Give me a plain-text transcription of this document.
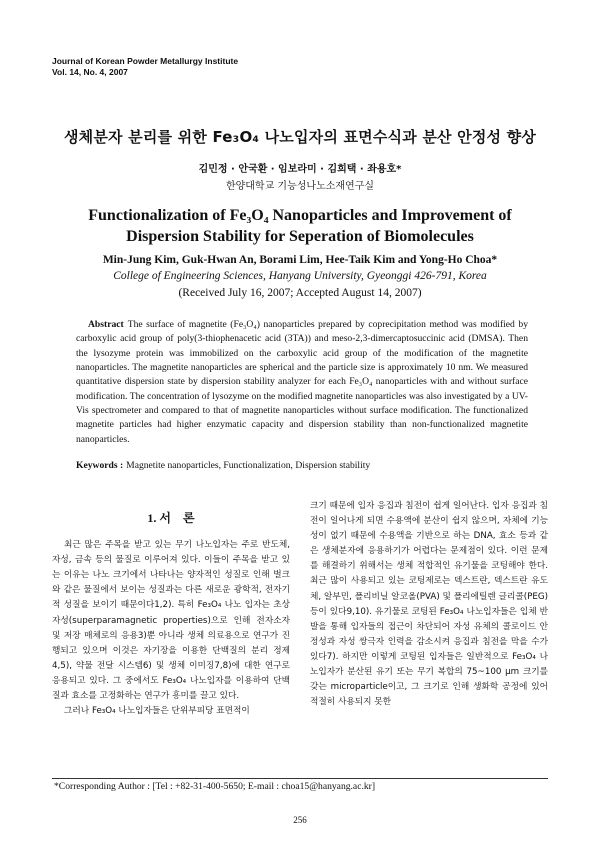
Journal of Korean Powder Metallurgy Institute
Vol. 14, No. 4, 2007
생체분자 분리를 위한 Fe₃O₄ 나노입자의 표면수식과 분산 안정성 향상
김민정 · 안국환 · 임보라미 · 김희택 · 좌용호*
한양대학교 기능성나노소재연구실
Functionalization of Fe₃O₄ Nanoparticles and Improvement of
Dispersion Stability for Seperation of Biomolecules
Min-Jung Kim, Guk-Hwan An, Borami Lim, Hee-Taik Kim and Yong-Ho Choa*
College of Engineering Sciences, Hanyang University, Gyeonggi 426-791, Korea
(Received July 16, 2007; Accepted August 14, 2007)
Abstract The surface of magnetite (Fe₃O₄) nanoparticles prepared by coprecipitation method was modified by carboxylic acid group of poly(3-thiophenacetic acid (3TA)) and meso-2,3-dimercaptosuccinic acid (DMSA). Then the lysozyme protein was immobilized on the carboxylic acid group of the modification of the magnetite nanoparticles. The magnetite nanoparticles are spherical and the particle size is approximately 10 nm. We measured quantitative dispersion state by dispersion stability analyzer for each Fe₃O₄ nanoparticles with and without surface modification. The concentration of lysozyme on the modified magnetite nanoparticles was also investigated by a UV-Vis spectrometer and compared to that of magnetite nanoparticles without surface modification. The functionalized magnetite particles had higher enzymatic capacity and dispersion stability than non-functionalized magnetite nanoparticles.
Keywords : Magnetite nanoparticles, Functionalization, Dispersion stability

1. 서　론

최근 많은 주목을 받고 있는 무기 나노입자는 주로 반도체, 자성, 금속 등의 물질로 이루어져 있다. 이들이 주목을 받고 있는 이유는 나노 크기에서 나타나는 양자적인 성질로 인해 벌크와 같은 물질에서 보이는 성질과는 다른 새로운 광학적, 전자기적 성질을 보이기 때문이다1,2). 특히 Fe₃O₄ 나노 입자는 초상자성(superparamagnetic properties)으로 인해 전자소자 및 저장 매체로의 응용3)뿐 아니라 생체 의료용으로 연구가 진행되고 있으며 이것은 자기장을 이용한 단백질의 분리 정제4,5), 약물 전달 시스템6) 및 생체 이미징7,8)에 대한 연구로 응용되고 있다. 그 중에서도 Fe₃O₄ 나노입자를 이용하여 단백질과 효소를 고정화하는 연구가 흥미를 끌고 있다.

그러나 Fe₃O₄ 나노입자들은 단위부피당 표면적이

크기 때문에 입자 응집과 침전이 쉽게 일어난다. 입자 응집과 침전이 일어나게 되면 수용액에 분산이 쉽지 않으며, 자체에 기능성이 없기 때문에 수용액을 기반으로 하는 DNA, 효소 등과 같은 생체분자에 응용하기가 어렵다는 문제점이 있다. 이런 문제를 해결하기 위해서는 생체 적합적인 유기물을 코팅해야 한다. 최근 많이 사용되고 있는 코팅제로는 덱스트란, 덱스트란 유도체, 알부민, 폴리비닐 알코올(PVA) 및 폴리에틸렌 글리콜(PEG) 등이 있다9,10). 유기물로 코팅된 Fe₃O₄ 나노입자들은 입체 반발을 통해 입자들의 접근이 차단되어 자성 유체의 콜로이드 안정성과 자성 쌍극자 인력을 감소시켜 응집과 침전을 막을 수가 있다7). 하지만 이렇게 코팅된 입자들은 일반적으로 Fe₃O₄ 나노입자가 분산된 유기 또는 무기 복합의 75~100 μm 크기를 갖는 microparticle이고, 그 크기로 인해 생화학 공정에 있어 적절히 사용되지 못한

*Corresponding Author : [Tel : +82-31-400-5650; E-mail : choa15@hanyang.ac.kr]
256
